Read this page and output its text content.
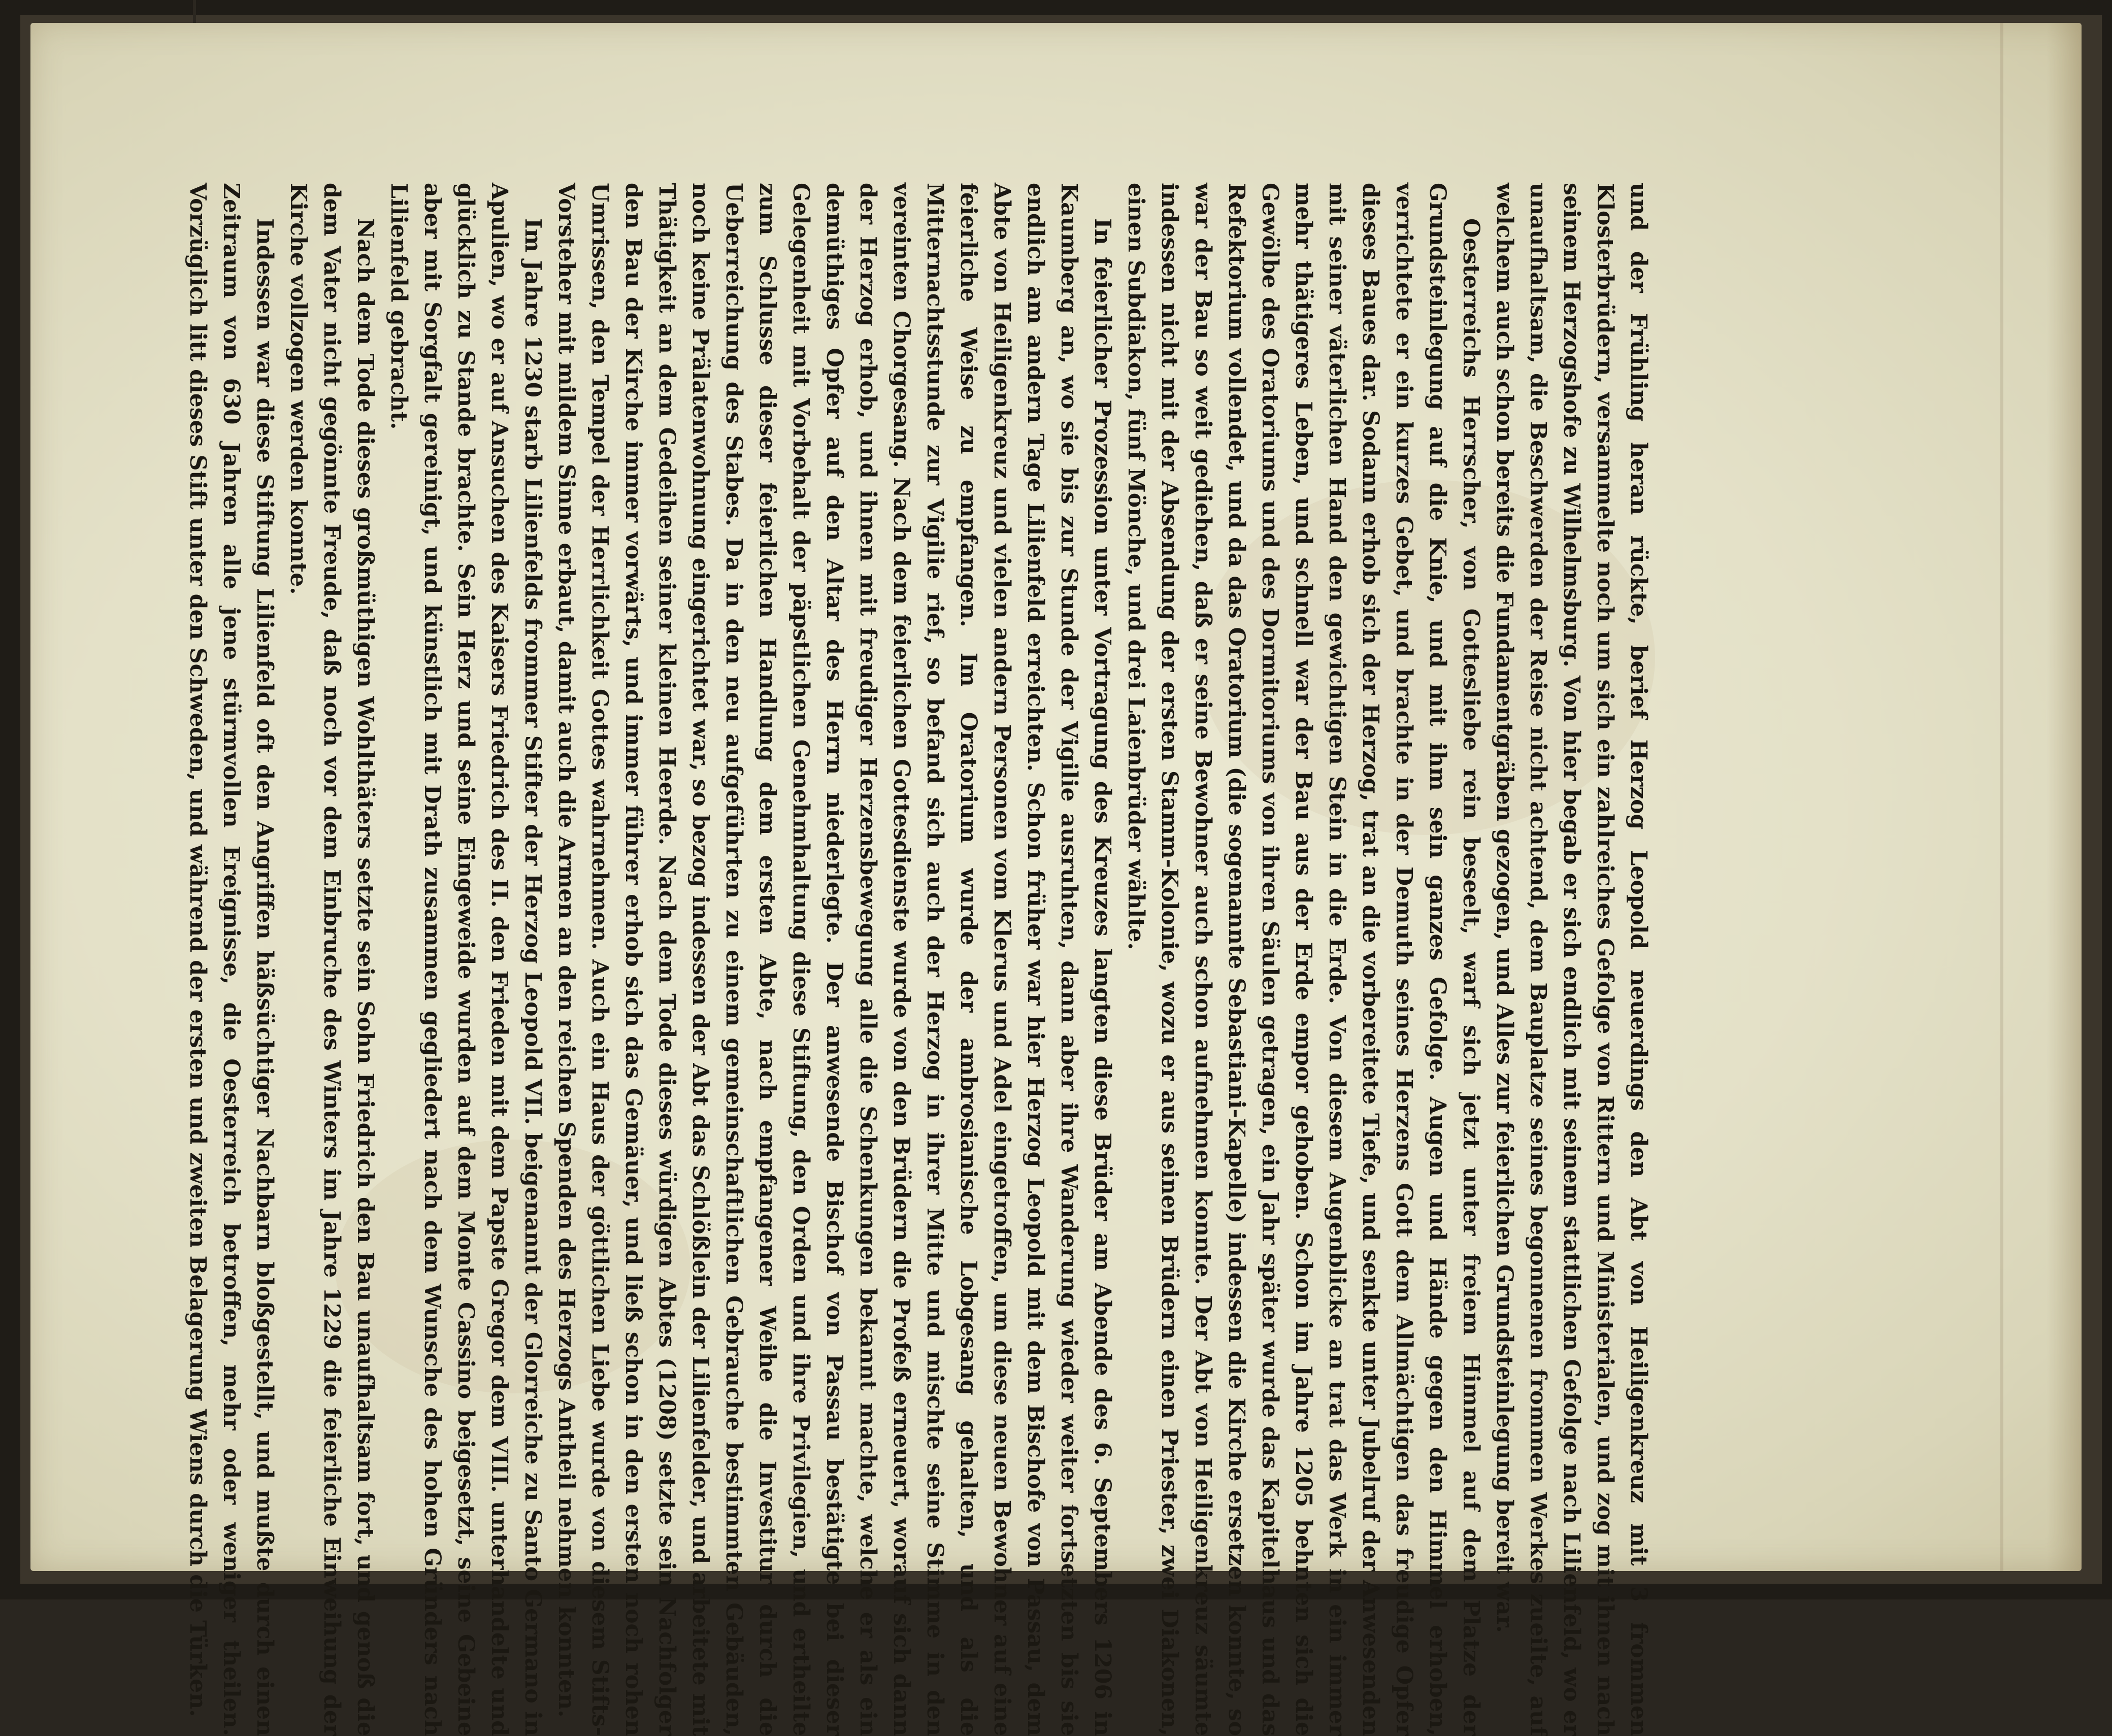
und der Frühling heran rückte, berief Herzog Leopold neuerdings den Abt von Heiligenkreuz mit 3 frommen Klosterbrüdern, versammelte noch um sich ein zahlreiches Gefolge von Rittern und Ministerialen, und zog mit ihnen nach seinem Herzogshofe zu Wilhelmsburg. Von hier begab er sich endlich mit seinem stattlichen Gefolge nach Lilienfeld, wo er unaufhaltsam, die Beschwerden der Reise nicht achtend, dem Bauplatze seines begonnenen frommen Werkes zueilte, auf welchem auch schon bereits die Fundamentgräben gezogen, und Alles zur feierlichen Grundsteinlegung bereit war.

Oesterreichs Herrscher, von Gottesliebe rein beseelt, warf sich jetzt unter freiem Himmel auf dem Platze der Grundsteinlegung auf die Knie, und mit ihm sein ganzes Gefolge. Augen und Hände gegen den Himmel erhoben, verrichtete er ein kurzes Gebet, und brachte in der Demuth seines Herzens Gott dem Allmächtigen das freudige Opfer dieses Baues dar. Sodann erhob sich der Herzog, trat an die vorbereitete Tiefe, und senkte unter Jubelruf der Anwesenden mit seiner väterlichen Hand den gewichtigen Stein in die Erde. Von diesem Augenblicke an trat das Werk in ein immer mehr thätigeres Leben, und schnell war der Bau aus der Erde empor gehoben. Schon im Jahre 1205 behnten sich die Gewölbe des Oratoriums und des Dormitoriums von ihren Säulen getragen, ein Jahr später wurde das Kapitelhaus und das Refektorium vollendet, und da das Oratorium (die sogenannte Sebastiani-Kapelle) indessen die Kirche ersetzen konnte, so war der Bau so weit gediehen, daß er seine Bewohner auch schon aufnehmen konnte. Der Abt von Heiligenkreuz säumte indessen nicht mit der Absendung der ersten Stamm-Kolonie, wozu er aus seinen Brüdern einen Priester, zwei Diakonen, einen Subdiakon, fünf Mönche, und drei Laienbrüder wählte.

In feierlicher Prozession unter Vortragung des Kreuzes langten diese Brüder am Abende des 6. Septembers 1206 in Kaumberg an, wo sie bis zur Stunde der Vigilie ausruhten, dann aber ihre Wanderung wieder weiter fortsetzten bis sie endlich am andern Tage Lilienfeld erreichten. Schon früher war hier Herzog Leopold mit dem Bischofe von Passau, dem Abte von Heiligenkreuz und vielen andern Personen vom Klerus und Adel eingetroffen, um diese neuen Bewohner auf eine feierliche Weise zu empfangen. Im Oratorium wurde der ambrosianische Lobgesang gehalten, und als die Mitternachtsstunde zur Vigilie rief, so befand sich auch der Herzog in ihrer Mitte und mischte seine Stimme in den vereinten Chorgesang. Nach dem feierlichen Gottesdienste wurde von den Brüdern die Profeß erneuert, worauf sich dann der Herzog erhob, und ihnen mit freudiger Herzensbewegung alle die Schenkungen bekannt machte, welche er als ein demüthiges Opfer auf den Altar des Herrn niederlegte. Der anwesende Bischof von Passau bestätigte bei dieser Gelegenheit mit Vorbehalt der päpstlichen Genehmhaltung diese Stiftung, den Orden und ihre Privilegien, und ertheilte zum Schlusse dieser feierlichen Handlung dem ersten Abte, nach empfangener Weihe die Investitur durch die Ueberreichung des Stabes. Da in den neu aufgeführten zu einem gemeinschaftlichen Gebrauche bestimmten Gebäuden, noch keine Prälatenwohnung eingerichtet war, so bezog indessen der Abt das Schlößlein der Lilienfelder, und arbeitete mit Thätigkeit an dem Gedeihen seiner kleinen Heerde. Nach dem Tode dieses würdigen Abtes (1208) setzte sein Nachfolger den Bau der Kirche immer vorwärts, und immer führer erhob sich das Gemäuer, und ließ schon in den ersten noch rohen Umrissen, den Tempel der Herrlichkeit Gottes wahrnehmen. Auch ein Haus der göttlichen Liebe wurde von diesem Stifts-Vorsteher mit mildem Sinne erbaut, damit auch die Armen an den reichen Spenden des Herzogs Antheil nehmen konnten.

Im Jahre 1230 starb Lilienfelds frommer Stifter der Herzog Leopold VII. beigenannt der Glorreiche zu Santo Germano in Apulien, wo er auf Ansuchen des Kaisers Friedrich des II. den Frieden mit dem Papste Gregor dem VIII. unterhandelte und glücklich zu Stande brachte. Sein Herz und seine Eingeweide wurden auf dem Monte Cassino beigesetzt, seine Gebeine aber mit Sorgfalt gereinigt, und künstlich mit Drath zusammen gegliedert nach dem Wunsche des hohen Gründers nach Lilienfeld gebracht.

Nach dem Tode dieses großmüthigen Wohlthäters setzte sein Sohn Friedrich den Bau unaufhaltsam fort, und genoß die dem Vater nicht gegönnte Freude, daß noch vor dem Einbruche des Winters im Jahre 1229 die feierliche Einweihung der Kirche vollzogen werden konnte.

Indessen war diese Stiftung Lilienfeld oft den Angriffen häßsüchtiger Nachbarn bloßgestellt, und mußte durch einen Zeitraum von 630 Jahren alle jene stürmvollen Ereignisse, die Oesterreich betroffen, mehr oder weniger theilen. Vorzüglich litt dieses Stift unter den Schweden, und während der ersten und zweiten Belagerung Wiens durch die Türken.
